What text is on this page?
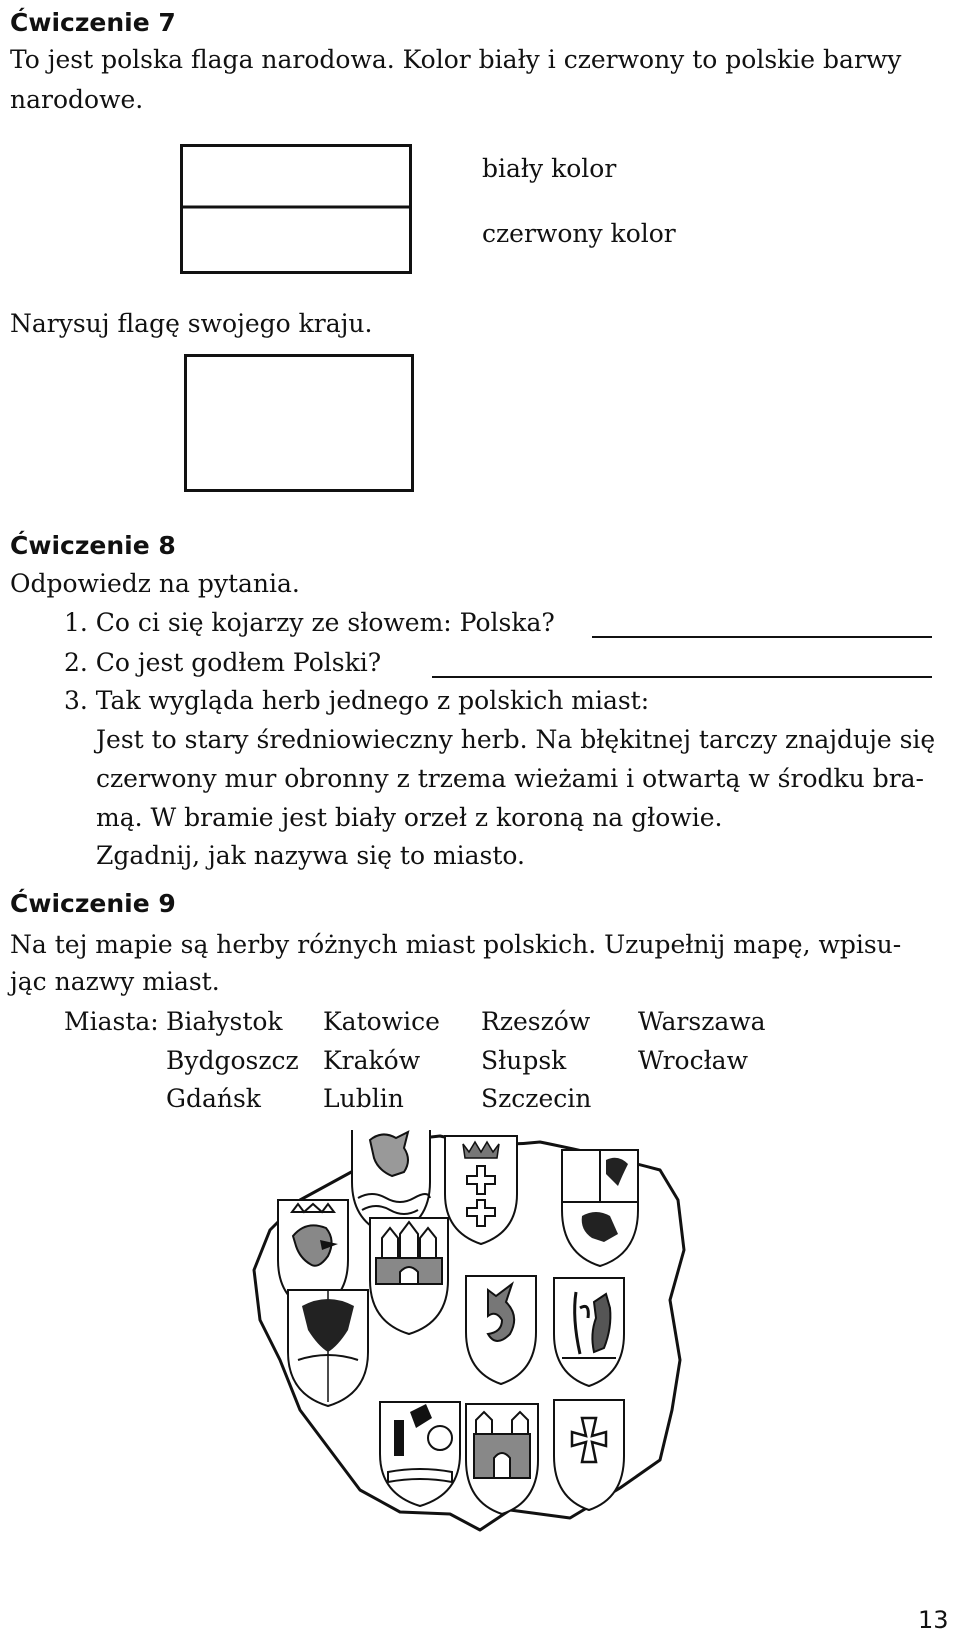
Ćwiczenie 7
To jest polska flaga narodowa. Kolor biały i czerwony to polskie barwy
narodowe.
biały kolor
czerwony kolor
Narysuj flagę swojego kraju.
Ćwiczenie 8
Odpowiedz na pytania.
1. Co ci się kojarzy ze słowem: Polska?
2. Co jest godłem Polski?
3. Tak wygląda herb jednego z polskich miast:
Jest to stary średniowieczny herb. Na błękitnej tarczy znajduje się
czerwony mur obronny z trzema wieżami i otwartą w środku bra-
mą. W bramie jest biały orzeł z koroną na głowie.
Zgadnij, jak nazywa się to miasto.
Ćwiczenie 9
Na tej mapie są herby różnych miast polskich. Uzupełnij mapę, wpisu-
jąc nazwy miast.
Miasta: Białystok Katowice Rzeszów Warszawa
Bydgoszcz Kraków Słupsk	Wrocław
Gdańsk Lublin	Szczecin
13
